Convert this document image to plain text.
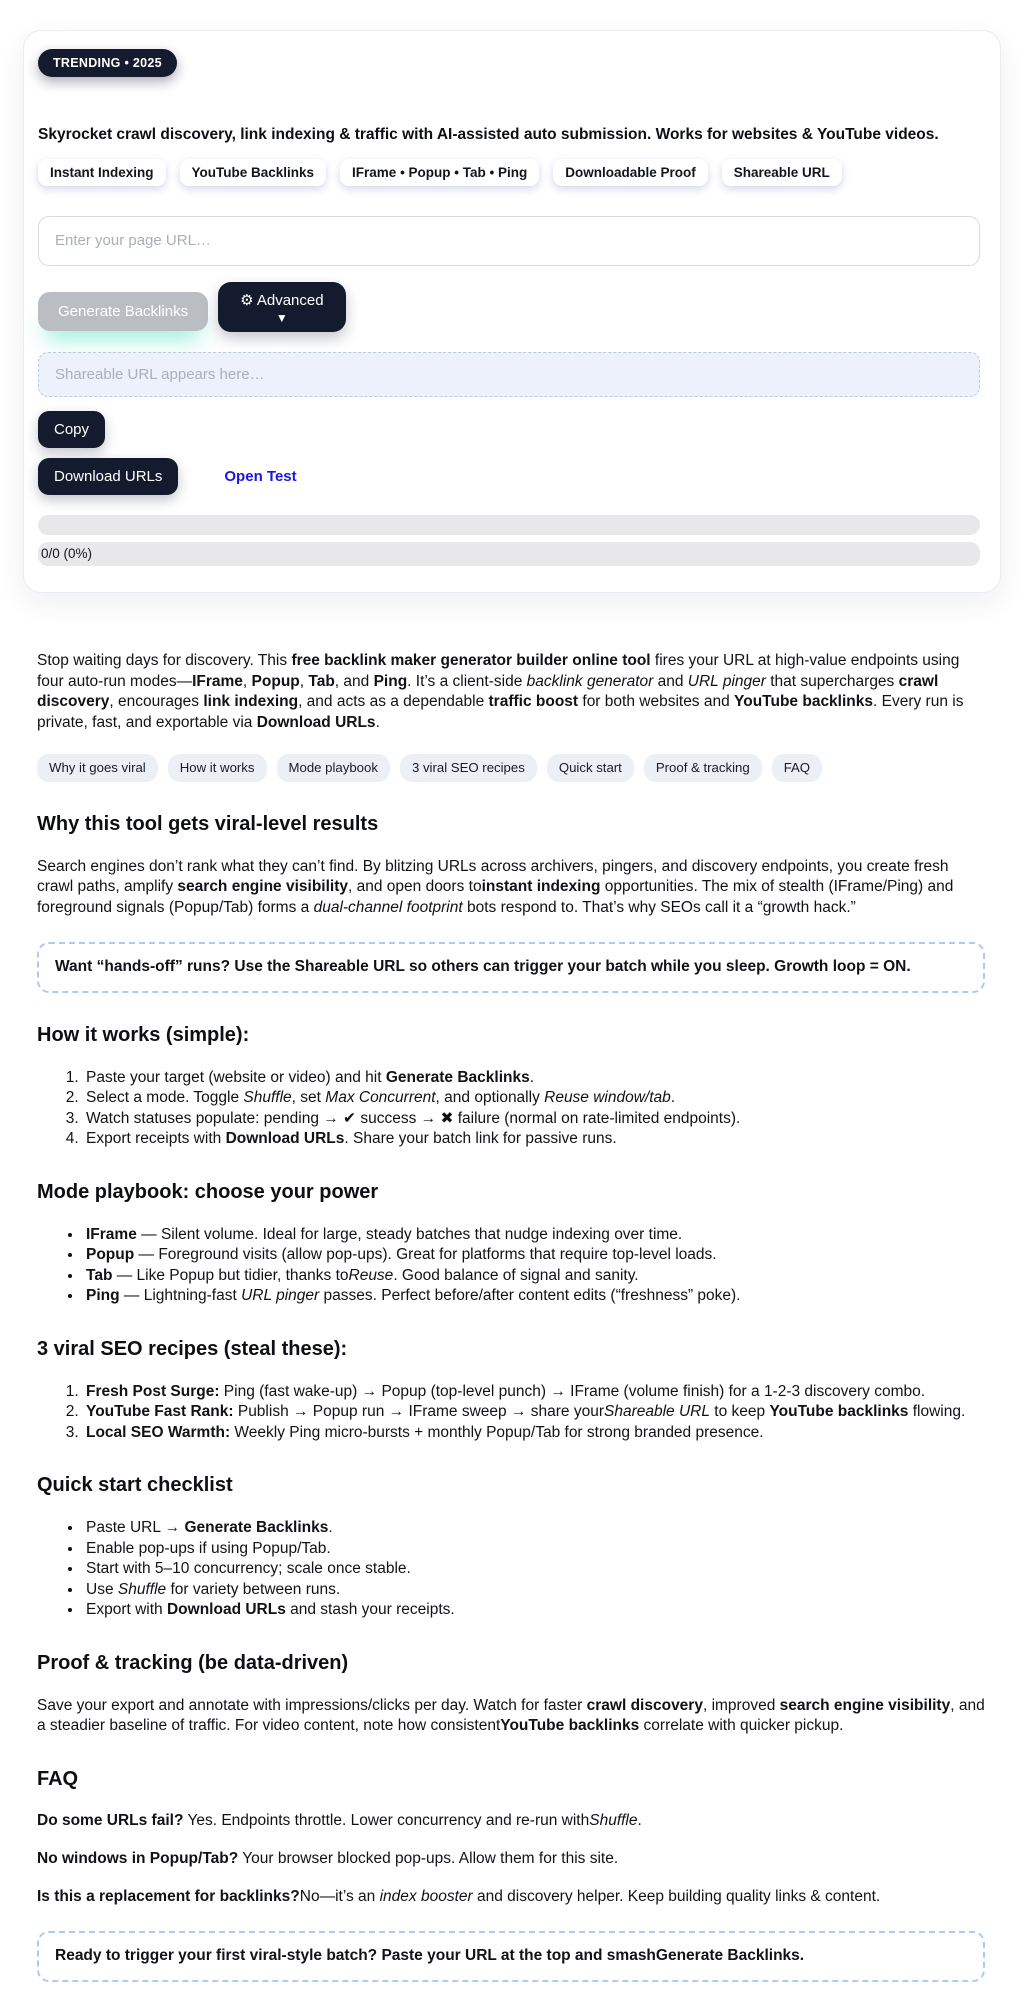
TRENDING • 2025

Skyrocket crawl discovery, link indexing & traffic with AI-assisted auto submission. Works for websites & YouTube videos.

Instant Indexing	YouTube Backlinks	IFrame • Popup • Tab • Ping	Downloadable Proof	Shareable URL
Enter your page URL…
Generate Backlinks
⚙ Advanced
▼
Shareable URL appears here…
Copy
Download URLs	Open Test
0/0 (0%)

Stop waiting days for discovery. This free backlink maker generator builder online tool fires your URL at high-value endpoints using four auto-run modes—IFrame, Popup, Tab, and Ping. It’s a client-side backlink generator and URL pinger that supercharges crawl discovery, encourages link indexing, and acts as a dependable traffic boost for both websites and YouTube backlinks. Every run is private, fast, and exportable via Download URLs.

Why it goes viral	How it works	Mode playbook	3 viral SEO recipes	Quick start	Proof & tracking	FAQ
Why this tool gets viral-level results

Search engines don’t rank what they can’t find. By blitzing URLs across archivers, pingers, and discovery endpoints, you create fresh crawl paths, amplify search engine visibility, and open doors toinstant indexing opportunities. The mix of stealth (IFrame/Ping) and foreground signals (Popup/Tab) forms a dual-channel footprint bots respond to. That’s why SEOs call it a “growth hack.”

Want “hands-off” runs? Use the Shareable URL so others can trigger your batch while you sleep. Growth loop = ON.
How it works (simple):
1. Paste your target (website or video) and hit Generate Backlinks.
2. Select a mode. Toggle Shuffle, set Max Concurrent, and optionally Reuse window/tab.
3. Watch statuses populate: pending → ✔ success → ✖ failure (normal on rate-limited endpoints).
4. Export receipts with Download URLs. Share your batch link for passive runs.
Mode playbook: choose your power
• IFrame — Silent volume. Ideal for large, steady batches that nudge indexing over time.
• Popup — Foreground visits (allow pop-ups). Great for platforms that require top-level loads.
• Tab — Like Popup but tidier, thanks toReuse. Good balance of signal and sanity.
• Ping — Lightning-fast URL pinger passes. Perfect before/after content edits (“freshness” poke).
3 viral SEO recipes (steal these):
1. Fresh Post Surge: Ping (fast wake-up) → Popup (top-level punch) → IFrame (volume finish) for a 1-2-3 discovery combo.
2. YouTube Fast Rank: Publish → Popup run → IFrame sweep → share yourShareable URL to keep YouTube backlinks flowing.
3. Local SEO Warmth: Weekly Ping micro-bursts + monthly Popup/Tab for strong branded presence.
Quick start checklist
• Paste URL → Generate Backlinks.
• Enable pop-ups if using Popup/Tab.
• Start with 5–10 concurrency; scale once stable.
• Use Shuffle for variety between runs.
• Export with Download URLs and stash your receipts.
Proof & tracking (be data-driven)

Save your export and annotate with impressions/clicks per day. Watch for faster crawl discovery, improved search engine visibility, and a steadier baseline of traffic. For video content, note how consistentYouTube backlinks correlate with quicker pickup.

FAQ

Do some URLs fail? Yes. Endpoints throttle. Lower concurrency and re-run withShuffle.

No windows in Popup/Tab? Your browser blocked pop-ups. Allow them for this site.

Is this a replacement for backlinks?No—it’s an index booster and discovery helper. Keep building quality links & content.

Ready to trigger your first viral-style batch? Paste your URL at the top and smashGenerate Backlinks.
